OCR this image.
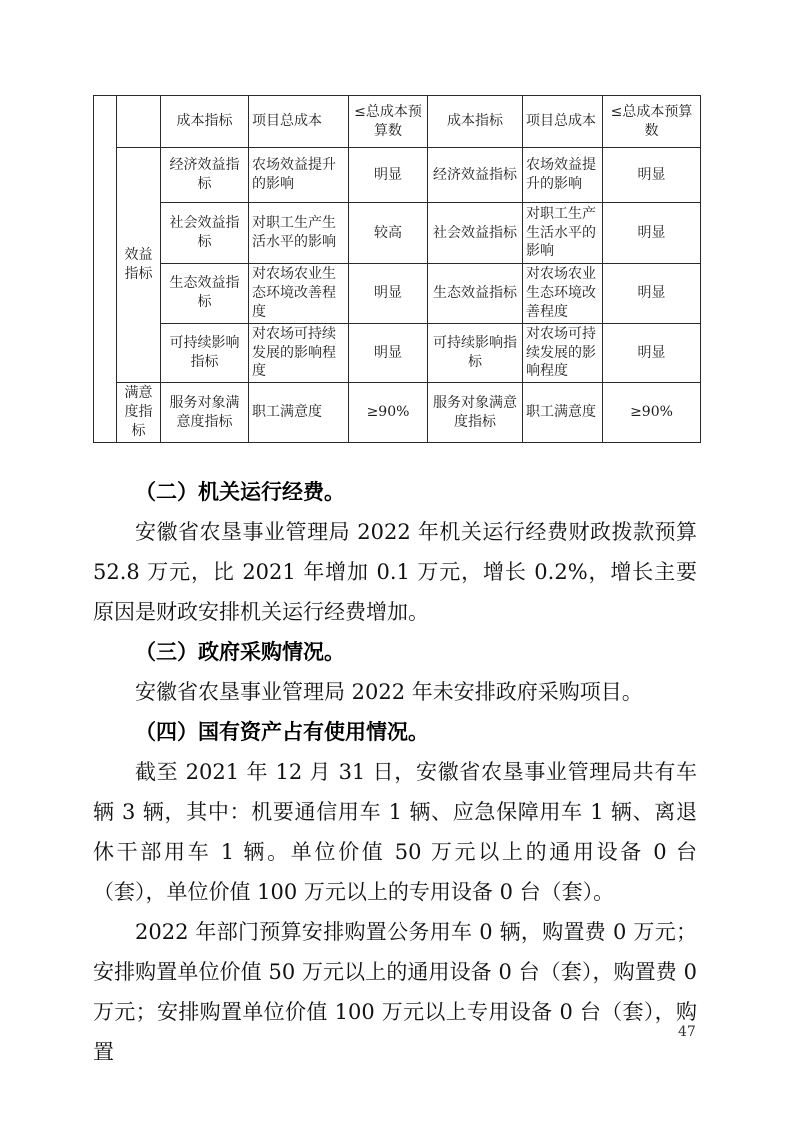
		成本指标	项目总成本	≤总成本预算数	成本指标	项目总成本	≤总成本预算数
	效益指标	经济效益指标	农场效益提升的影响	明显	经济效益指标	农场效益提升的影响	明显
		社会效益指标	对职工生产生活水平的影响	较高	社会效益指标	对职工生产生活水平的影响	明显
		生态效益指标	对农场农业生态环境改善程度	明显	生态效益指标	对农场农业生态环境改善程度	明显
		可持续影响指标	对农场可持续发展的影响程度	明显	可持续影响指标	对农场可持续发展的影响程度	明显
	满意度指标	服务对象满意度指标	职工满意度	≥90%	服务对象满意度指标	职工满意度	≥90%

（二）机关运行经费。

安徽省农垦事业管理局 2022 年机关运行经费财政拨款预算 52.8 万元，比 2021 年增加 0.1 万元，增长 0.2%，增长主要原因是财政安排机关运行经费增加。

（三）政府采购情况。

安徽省农垦事业管理局 2022 年未安排政府采购项目。

（四）国有资产占有使用情况。

截至 2021 年 12 月 31 日，安徽省农垦事业管理局共有车辆 3 辆，其中：机要通信用车 1 辆、应急保障用车 1 辆、离退休干部用车 1 辆。单位价值 50 万元以上的通用设备 0 台（套），单位价值 100 万元以上的专用设备 0 台（套）。

2022 年部门预算安排购置公务用车 0 辆，购置费 0 万元；安排购置单位价值 50 万元以上的通用设备 0 台（套），购置费 0 万元；安排购置单位价值 100 万元以上专用设备 0 台（套），购置

47
